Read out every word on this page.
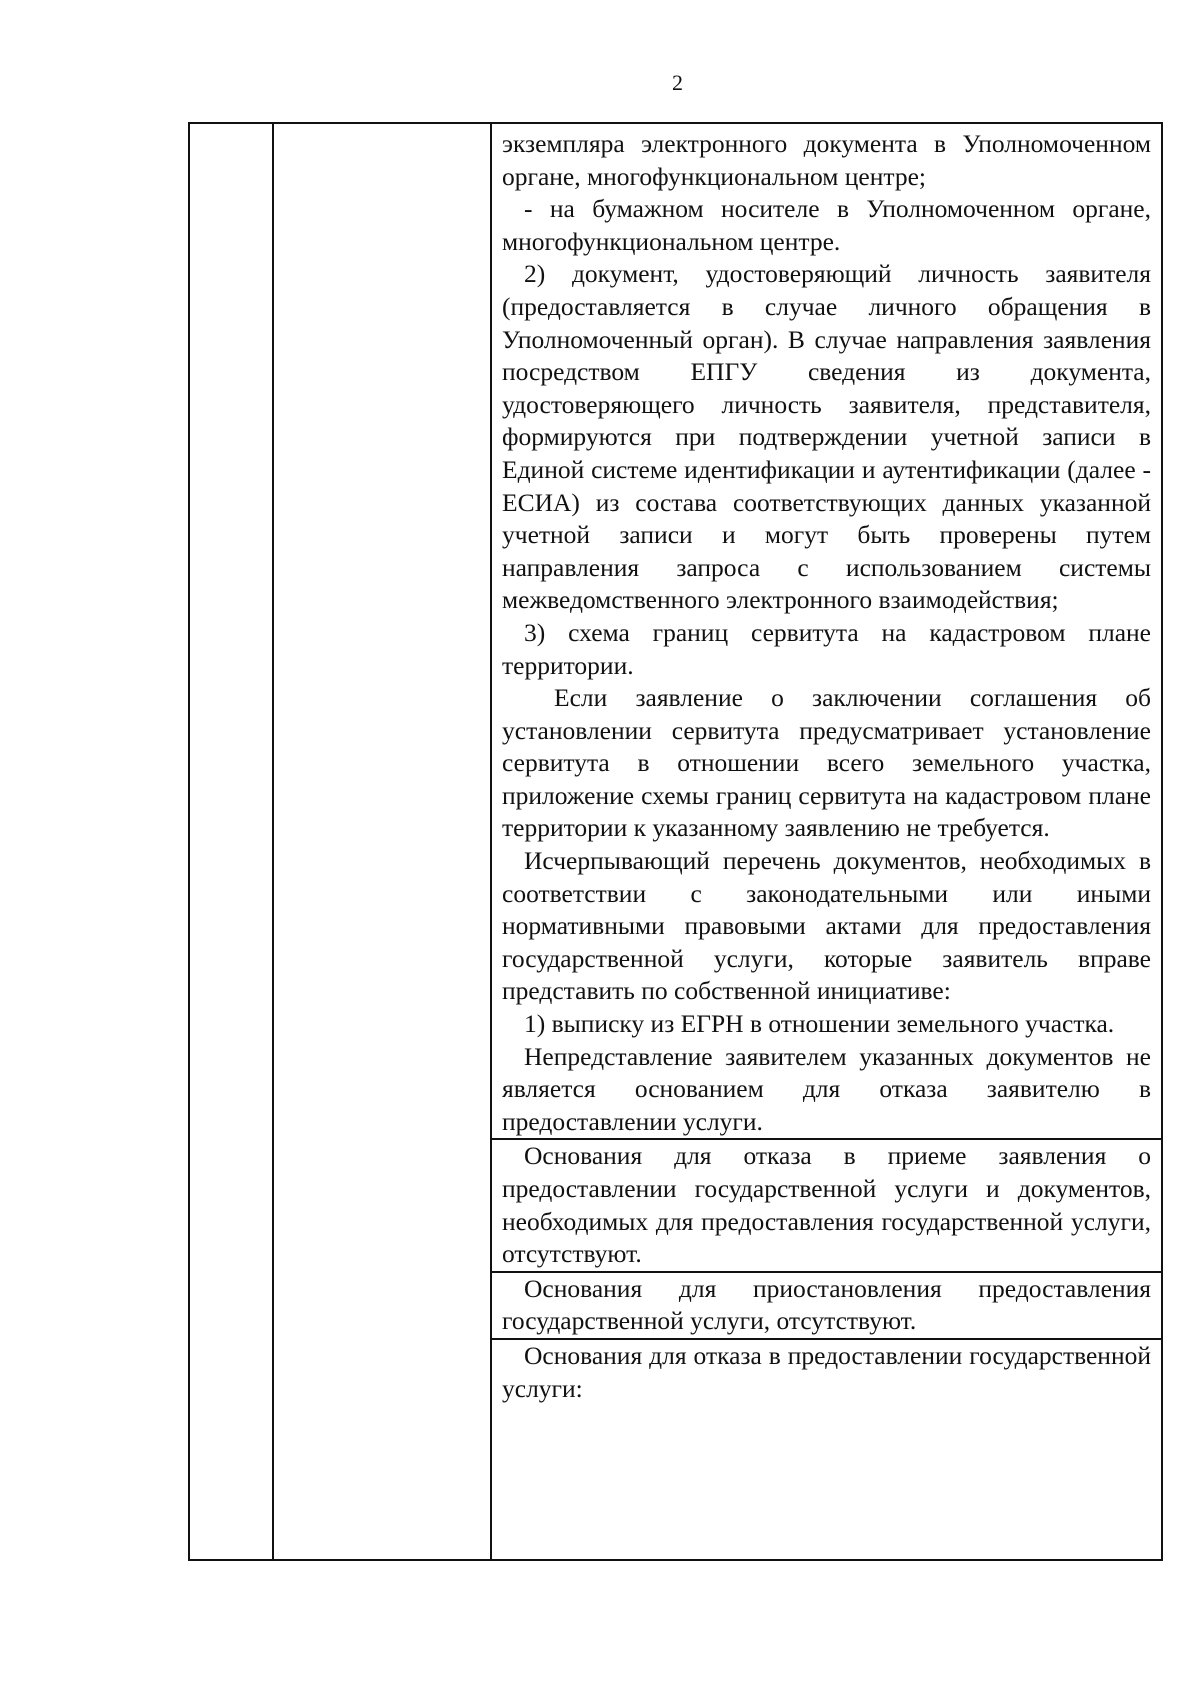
2

экземпляра электронного документа в Уполномоченном органе, многофункциональном центре;

- на бумажном носителе в Уполномоченном органе, многофункциональном центре.

2) документ, удостоверяющий личность заявителя (предоставляется в случае личного обращения в Уполномоченный орган). В случае направления заявления посредством ЕПГУ сведения из документа, удостоверяющего личность заявителя, представителя, формируются при подтверждении учетной записи в Единой системе идентификации и аутентификации (далее - ЕСИА) из состава соответствующих данных указанной учетной записи и могут быть проверены путем направления запроса с использованием системы межведомственного электронного взаимодействия;

3) схема границ сервитута на кадастровом плане территории.

Если заявление о заключении соглашения об установлении сервитута предусматривает установление сервитута в отношении всего земельного участка, приложение схемы границ сервитута на кадастровом плане территории к указанному заявлению не требуется.

Исчерпывающий перечень документов, необходимых в соответствии с законодательными или иными нормативными правовыми актами для предоставления государственной услуги, которые заявитель вправе представить по собственной инициативе:

1) выписку из ЕГРН в отношении земельного участка.

Непредставление заявителем указанных документов не является основанием для отказа заявителю в предоставлении услуги.

Основания для отказа в приеме заявления о предоставлении государственной услуги и документов, необходимых для предоставления государственной услуги, отсутствуют.

Основания для приостановления предоставления государственной услуги, отсутствуют.

Основания для отказа в предоставлении государственной услуги:
